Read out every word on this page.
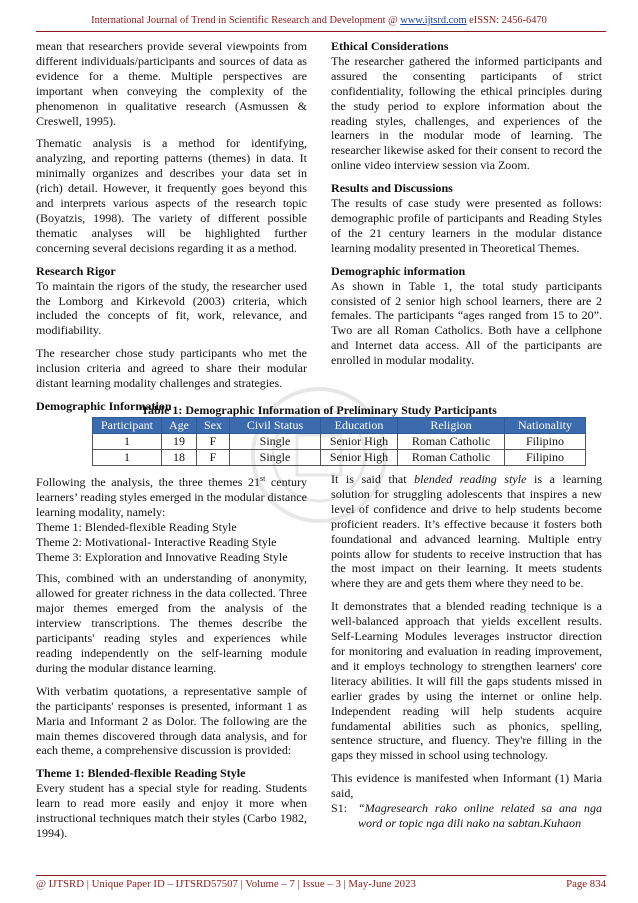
International Journal of Trend in Scientific Research and Development @ www.ijtsrd.com eISSN: 2456-6470

mean that researchers provide several viewpoints from different individuals/participants and sources of data as evidence for a theme. Multiple perspectives are important when conveying the complexity of the phenomenon in qualitative research (Asmussen & Creswell, 1995).

Thematic analysis is a method for identifying, analyzing, and reporting patterns (themes) in data. It minimally organizes and describes your data set in (rich) detail. However, it frequently goes beyond this and interprets various aspects of the research topic (Boyatzis, 1998). The variety of different possible thematic analyses will be highlighted further concerning several decisions regarding it as a method.

Research Rigor

To maintain the rigors of the study, the researcher used the Lomborg and Kirkevold (2003) criteria, which included the concepts of fit, work, relevance, and modifiability.

The researcher chose study participants who met the inclusion criteria and agreed to share their modular distant learning modality challenges and strategies.

Demographic Information
Ethical Considerations

The researcher gathered the informed participants and assured the consenting participants of strict confidentiality, following the ethical principles during the study period to explore information about the reading styles, challenges, and experiences of the learners in the modular mode of learning. The researcher likewise asked for their consent to record the online video interview session via Zoom.

Results and Discussions

The results of case study were presented as follows: demographic profile of participants and Reading Styles of the 21 century learners in the modular distance learning modality presented in Theoretical Themes.

Demographic information

As shown in Table 1, the total study participants consisted of 2 senior high school learners, there are 2 females. The participants “ages ranged from 15 to 20”. Two are all Roman Catholics. Both have a cellphone and Internet data access. All of the participants are enrolled in modular modality.

Table 1: Demographic Information of Preliminary Study Participants
Participant	Age	Sex	Civil Status	Education	Religion	Nationality
1	19	F	Single	Senior High	Roman Catholic	Filipino
1	18	F	Single	Senior High	Roman Catholic	Filipino

Following the analysis, the three themes 21st century learners’ reading styles emerged in the modular distance learning modality, namely:

Theme 1: Blended-flexible Reading Style
Theme 2: Motivational- Interactive Reading Style
Theme 3: Exploration and Innovative Reading Style

This, combined with an understanding of anonymity, allowed for greater richness in the data collected. Three major themes emerged from the analysis of the interview transcriptions. The themes describe the participants' reading styles and experiences while reading independently on the self-learning module during the modular distance learning.

With verbatim quotations, a representative sample of the participants' responses is presented, informant 1 as Maria and Informant 2 as Dolor. The following are the main themes discovered through data analysis, and for each theme, a comprehensive discussion is provided:

Theme 1: Blended-flexible Reading Style

Every student has a special style for reading. Students learn to read more easily and enjoy it more when instructional techniques match their styles (Carbo 1982, 1994).

It is said that blended reading style is a learning solution for struggling adolescents that inspires a new level of confidence and drive to help students become proficient readers. It’s effective because it fosters both foundational and advanced learning. Multiple entry points allow for students to receive instruction that has the most impact on their learning. It meets students where they are and gets them where they need to be.

It demonstrates that a blended reading technique is a well-balanced approach that yields excellent results. Self-Learning Modules leverages instructor direction for monitoring and evaluation in reading improvement, and it employs technology to strengthen learners' core literacy abilities. It will fill the gaps students missed in earlier grades by using the internet or online help. Independent reading will help students acquire fundamental abilities such as phonics, spelling, sentence structure, and fluency. They're filling in the gaps they missed in school using technology.

This evidence is manifested when Informant (1) Maria said,

S1: “Magresearch rako online related sa ana nga word or topic nga dili nako na sabtan.Kuhaon
@ IJTSRD | Unique Paper ID – IJTSRD57507 | Volume – 7 | Issue – 3 | May-June 2023	Page 834
